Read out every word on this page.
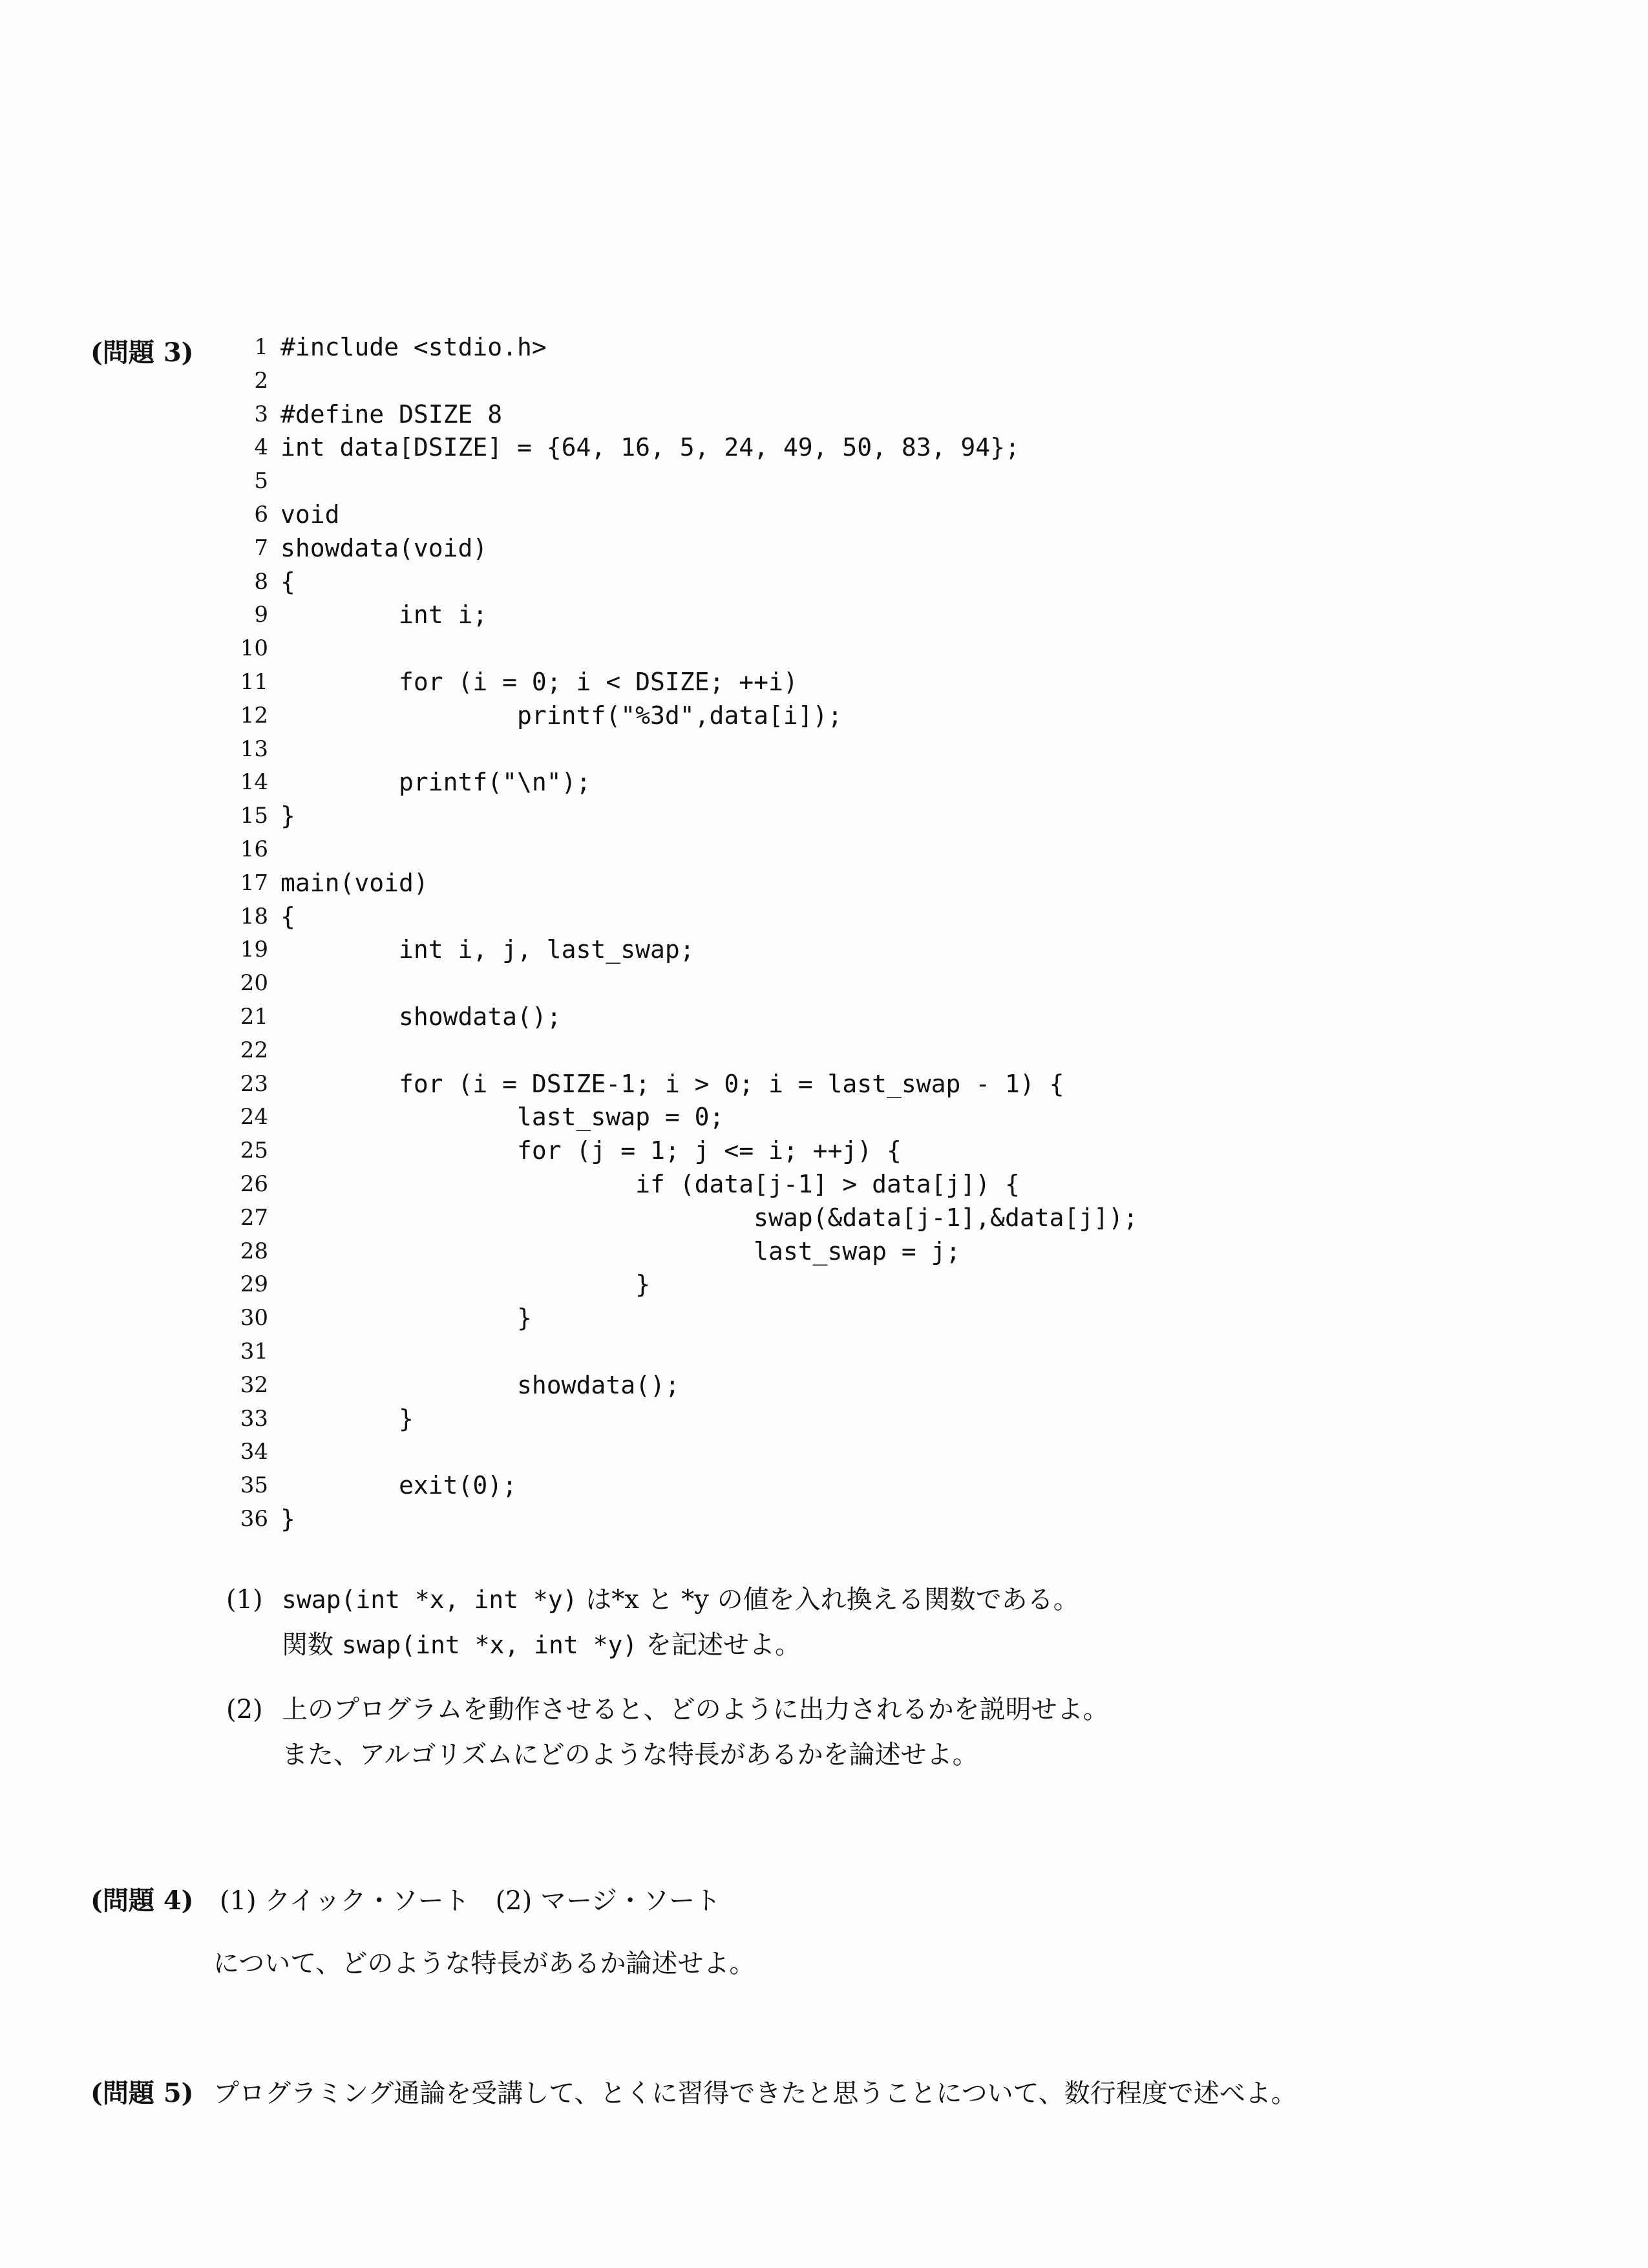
(問題 3)	1 #include <stdio.h>
2
3 #define DSIZE 8
4 int data[DSIZE] = {64, 16, 5, 24, 49, 50, 83, 94};
5
6 void
7 showdata(void)
8 {
9 int i;
10
11 for (i = 0; i < DSIZE; ++i)
12 printf("%3d",data[i]);
13
14 printf("\n");
15 }
16
17 main(void)
18 {
19 int i, j, last_swap;
20
21 showdata();
22
23 for (i = DSIZE-1; i > 0; i = last_swap - 1) {
24 last_swap = 0;
25 for (j = 1; j <= i; ++j) {
26 if (data[j-1] > data[j]) {
27 swap(&data[j-1],&data[j]);
28 last_swap = j;
29 }
30 }
31
32 showdata();
33 }
34
35 exit(0);
36 }
(1) swap(int *x, int *y) は*x と *y の値を入れ換える関数である。
関数 swap(int *x, int *y) を記述せよ。
(2) 上のプログラムを動作させると、どのように出力されるかを説明せよ。
また、アルゴリズムにどのような特長があるかを論述せよ。
(問題 4) (1) クイック・ソート　(2) マージ・ソート
について、どのような特長があるか論述せよ。
(問題 5) プログラミング通論を受講して、とくに習得できたと思うことについて、数行程度で述べよ。
